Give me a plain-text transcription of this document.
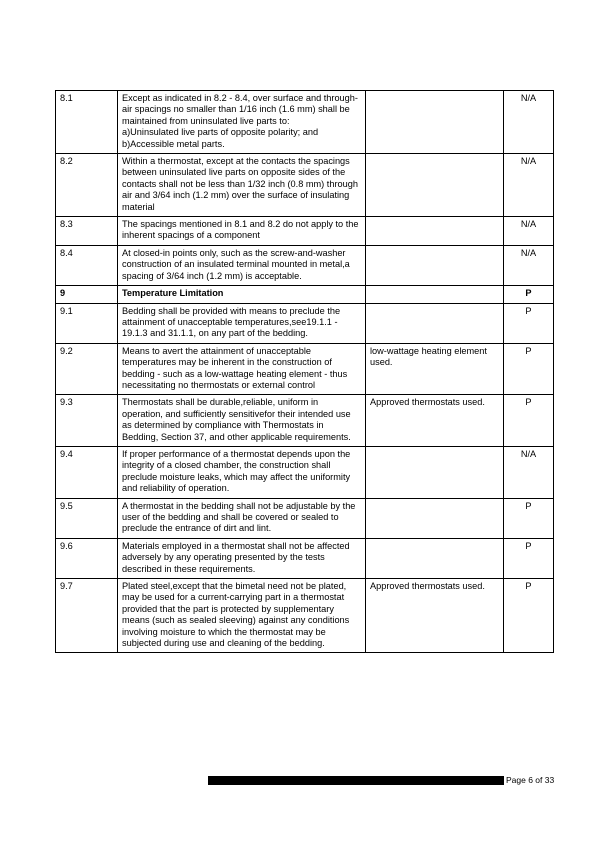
8.1	Except as indicated in 8.2 - 8.4, over surface and through-air spacings no smaller than 1/16 inch (1.6 mm) shall be maintained from uninsulated live parts to:
a)Uninsulated live parts of opposite polarity; and
b)Accessible metal parts.		N/A
8.2	Within a thermostat, except at the contacts the spacings between uninsulated live parts on opposite sides of the contacts shall not be less than 1/32 inch (0.8 mm) through air and 3/64 inch (1.2 mm) over the surface of insulating material		N/A
8.3	The spacings mentioned in 8.1 and 8.2 do not apply to the inherent spacings of a component		N/A
8.4	At closed-in points only, such as the screw-and-washer construction of an insulated terminal mounted in metal,a spacing of 3/64 inch (1.2 mm) is acceptable.		N/A
9	Temperature Limitation		P
9.1	Bedding shall be provided with means to preclude the attainment of unacceptable temperatures,see19.1.1 - 19.1.3 and 31.1.1, on any part of the bedding.		P
9.2	Means to avert the attainment of unacceptable temperatures may be inherent in the construction of bedding - such as a low-wattage heating element - thus necessitating no thermostats or external control	low-wattage heating element used.	P
9.3	Thermostats shall be durable,reliable, uniform in operation, and sufficiently sensitivefor their intended use as determined by compliance with Thermostats in Bedding, Section 37, and other applicable requirements.	Approved thermostats used.	P
9.4	If proper performance of a thermostat depends upon the integrity of a closed chamber, the construction shall preclude moisture leaks, which may affect the uniformity and reliability of operation.		N/A
9.5	A thermostat in the bedding shall not be adjustable by the user of the bedding and shall be covered or sealed to preclude the entrance of dirt and lint.		P
9.6	Materials employed in a thermostat shall not be affected adversely by any operating presented by the tests described in these requirements.		P
9.7	Plated steel,except that the bimetal need not be plated, may be used for a current-carrying part in a thermostat provided that the part is protected by supplementary means (such as sealed sleeving) against any conditions involving moisture to which the thermostat may be subjected during use and cleaning of the bedding.	Approved thermostats used.	P
Page 6 of 33
